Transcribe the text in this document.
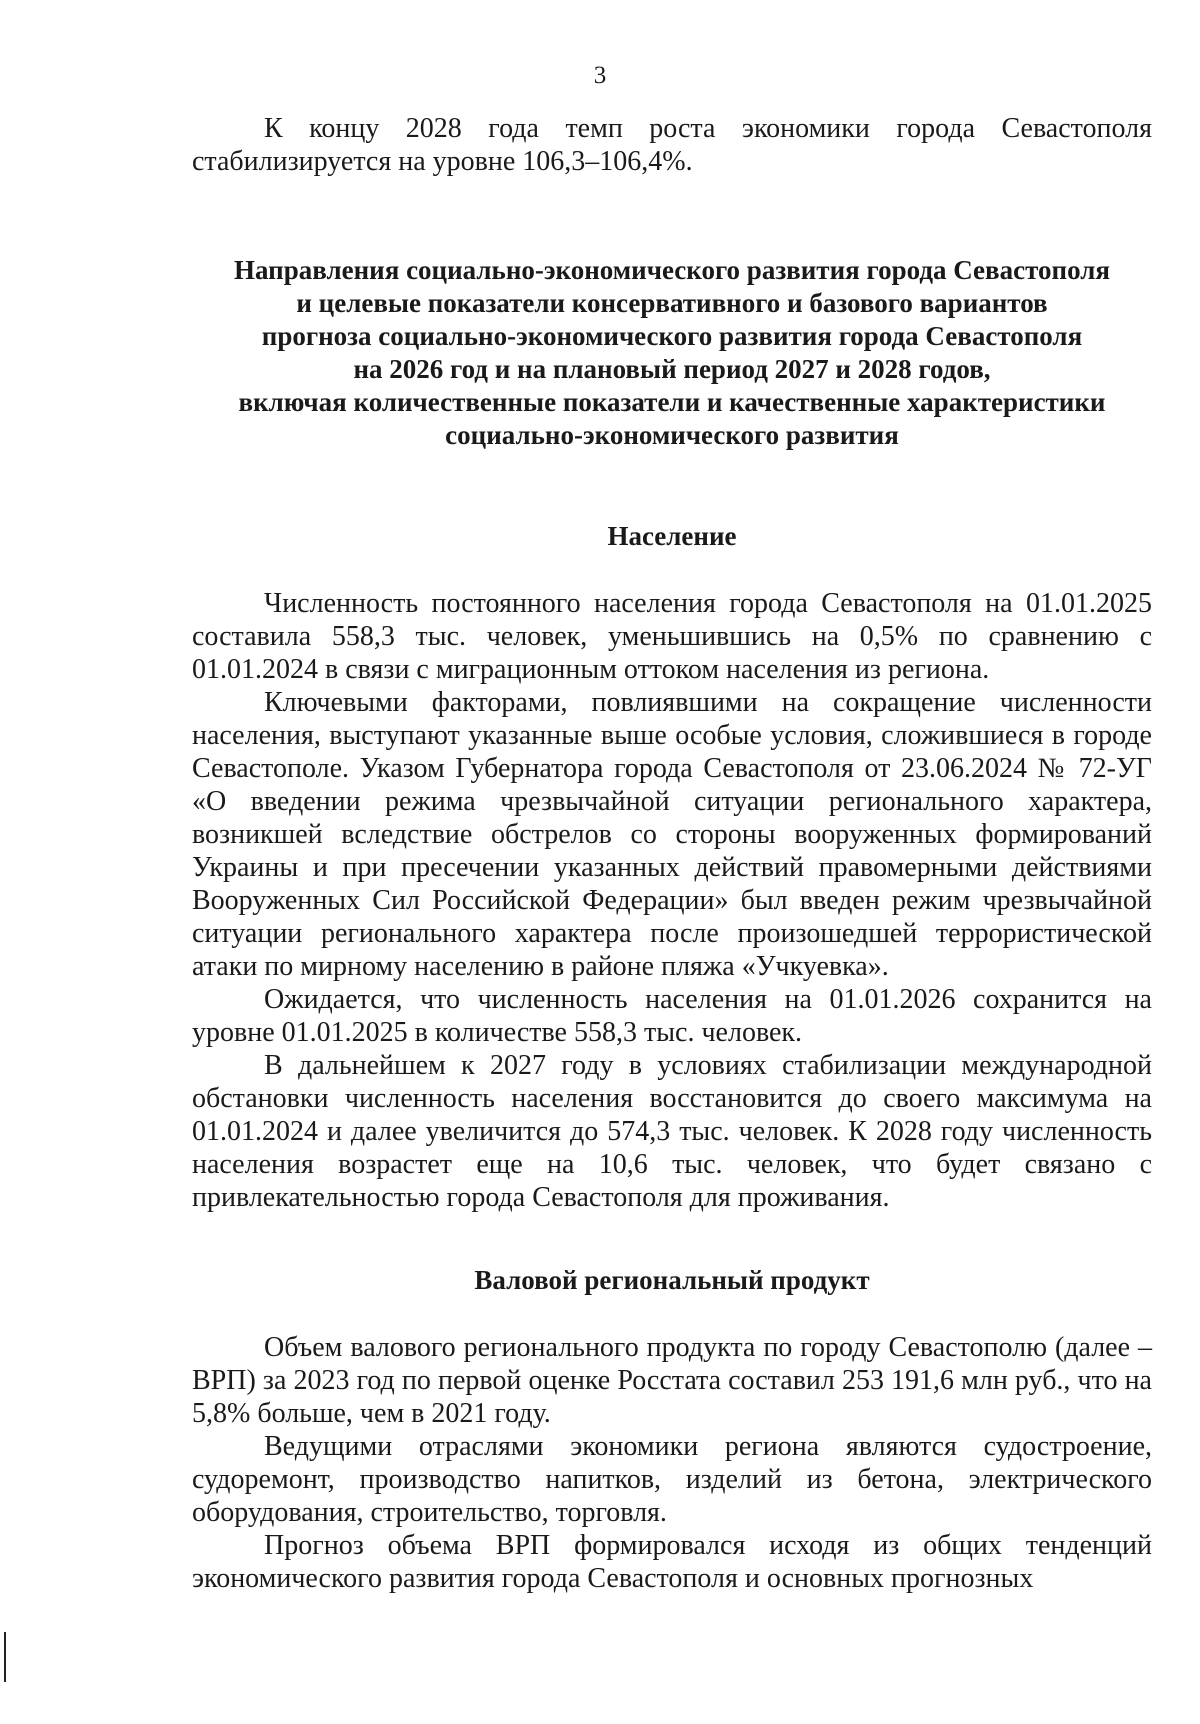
3

К концу 2028 года темп роста экономики города Севастополя стабилизируется на уровне 106,3–106,4%.

Направления социально-экономического развития города Севастополя
и целевые показатели консервативного и базового вариантов
прогноза социально-экономического развития города Севастополя
на 2026 год и на плановый период 2027 и 2028 годов,
включая количественные показатели и качественные характеристики
социально-экономического развития
Население

Численность постоянного населения города Севастополя на 01.01.2025 составила 558,3 тыс. человек, уменьшившись на 0,5% по сравнению с 01.01.2024 в связи с миграционным оттоком населения из региона.

Ключевыми факторами, повлиявшими на сокращение численности населения, выступают указанные выше особые условия, сложившиеся в городе Севастополе. Указом Губернатора города Севастополя от 23.06.2024 № 72-УГ «О введении режима чрезвычайной ситуации регионального характера, возникшей вследствие обстрелов со стороны вооруженных формирований Украины и при пресечении указанных действий правомерными действиями Вооруженных Сил Российской Федерации» был введен режим чрезвычайной ситуации регионального характера после произошедшей террористической атаки по мирному населению в районе пляжа «Учкуевка».

Ожидается, что численность населения на 01.01.2026 сохранится на уровне 01.01.2025 в количестве 558,3 тыс. человек.

В дальнейшем к 2027 году в условиях стабилизации международной обстановки численность населения восстановится до своего максимума на 01.01.2024 и далее увеличится до 574,3 тыс. человек. К 2028 году численность населения возрастет еще на 10,6 тыс. человек, что будет связано с привлекательностью города Севастополя для проживания.

Валовой региональный продукт

Объем валового регионального продукта по городу Севастополю (далее – ВРП) за 2023 год по первой оценке Росстата составил 253 191,6 млн руб., что на 5,8% больше, чем в 2021 году.

Ведущими отраслями экономики региона являются судостроение, судоремонт, производство напитков, изделий из бетона, электрического оборудования, строительство, торговля.

Прогноз объема ВРП формировался исходя из общих тенденций экономического развития города Севастополя и основных прогнозных
